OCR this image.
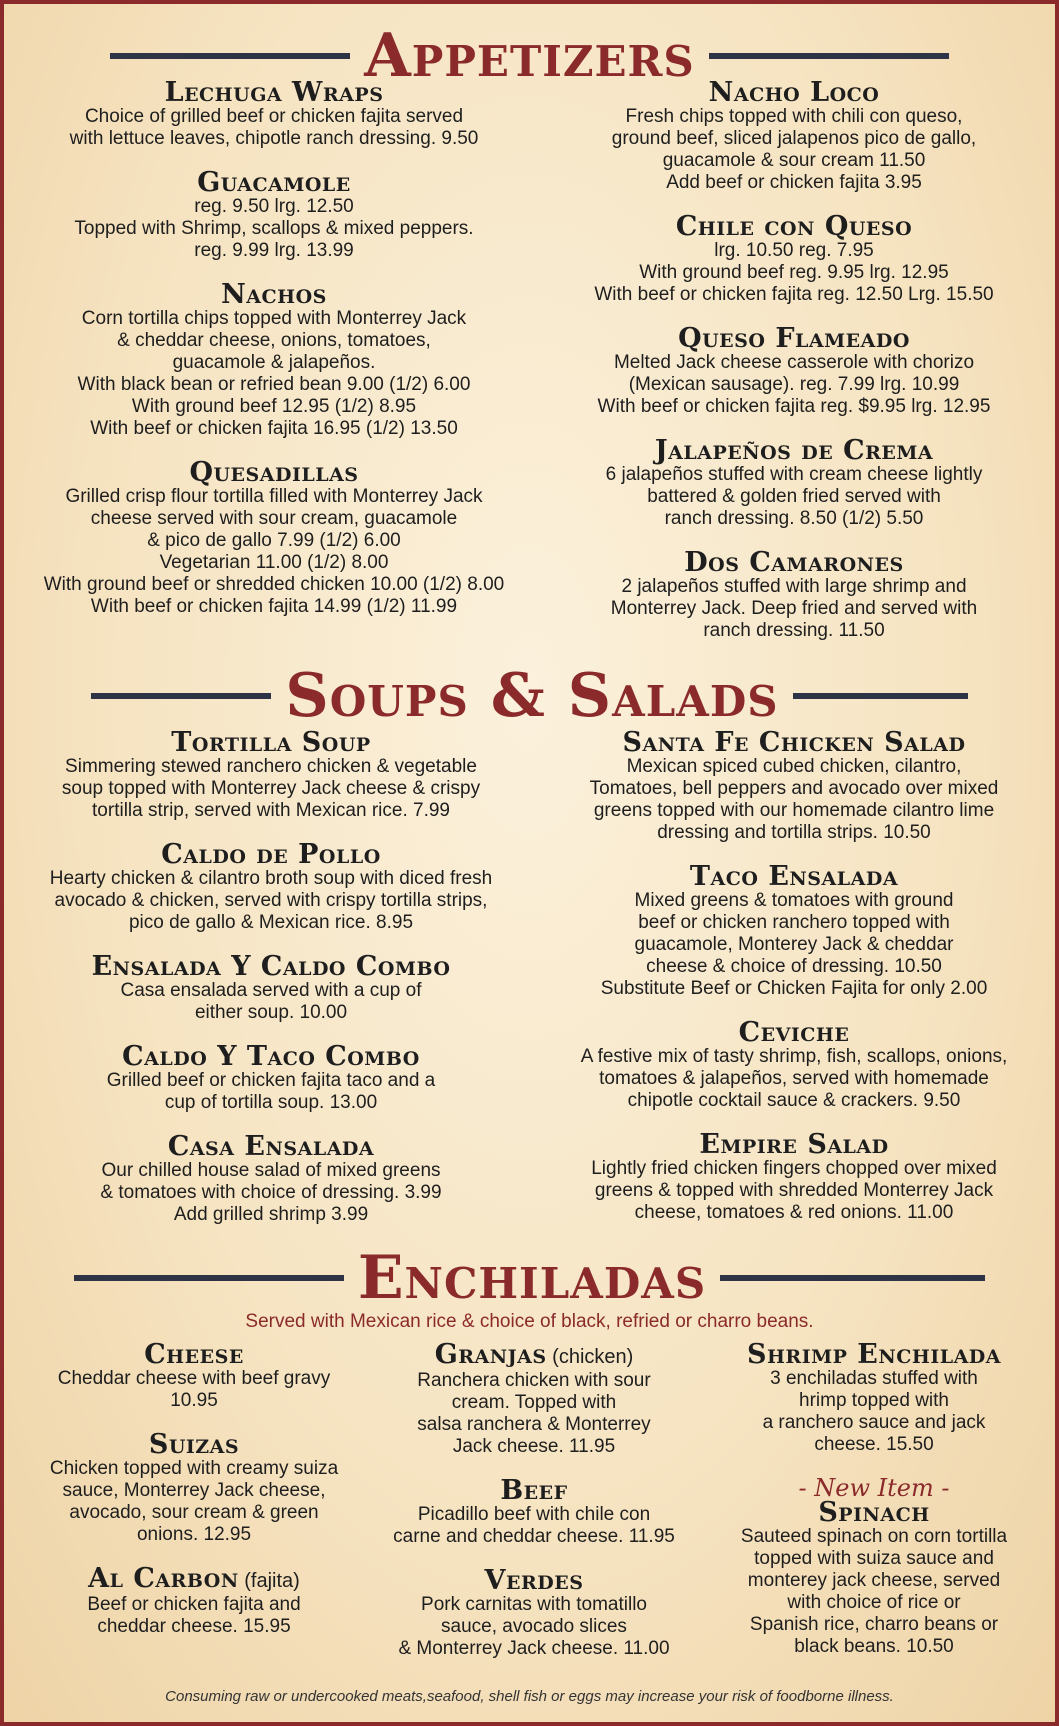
Appetizers
Lechuga Wraps

Choice of grilled beef or chicken fajita served

with lettuce leaves, chipotle ranch dressing. 9.50

Guacamole

reg. 9.50 lrg. 12.50

Topped with Shrimp, scallops & mixed peppers.

reg. 9.99 lrg. 13.99

Nachos

Corn tortilla chips topped with Monterrey Jack

& cheddar cheese, onions, tomatoes,

guacamole & jalapeños.

With black bean or refried bean 9.00 (1/2) 6.00

With ground beef 12.95 (1/2) 8.95

With beef or chicken fajita 16.95 (1/2) 13.50

Quesadillas

Grilled crisp flour tortilla filled with Monterrey Jack

cheese served with sour cream, guacamole

& pico de gallo 7.99 (1/2) 6.00

Vegetarian 11.00 (1/2) 8.00

With ground beef or shredded chicken 10.00 (1/2) 8.00

With beef or chicken fajita 14.99 (1/2) 11.99

Nacho Loco

Fresh chips topped with chili con queso,

ground beef, sliced jalapenos pico de gallo,

guacamole & sour cream 11.50

Add beef or chicken fajita 3.95

Chile con Queso

lrg. 10.50 reg. 7.95

With ground beef reg. 9.95 lrg. 12.95

With beef or chicken fajita reg. 12.50 Lrg. 15.50

Queso Flameado

Melted Jack cheese casserole with chorizo

(Mexican sausage). reg. 7.99 lrg. 10.99

With beef or chicken fajita reg. $9.95 lrg. 12.95

Jalapeños de Crema

6 jalapeños stuffed with cream cheese lightly

battered & golden fried served with

ranch dressing. 8.50 (1/2) 5.50

Dos Camarones

2 jalapeños stuffed with large shrimp and

Monterrey Jack. Deep fried and served with

ranch dressing. 11.50

Soups & Salads
Tortilla Soup

Simmering stewed ranchero chicken & vegetable

soup topped with Monterrey Jack cheese & crispy

tortilla strip, served with Mexican rice. 7.99

Caldo de Pollo

Hearty chicken & cilantro broth soup with diced fresh

avocado & chicken, served with crispy tortilla strips,

pico de gallo & Mexican rice. 8.95

Ensalada Y Caldo Combo

Casa ensalada served with a cup of

either soup. 10.00

Caldo Y Taco Combo

Grilled beef or chicken fajita taco and a

cup of tortilla soup. 13.00

Casa Ensalada

Our chilled house salad of mixed greens

& tomatoes with choice of dressing. 3.99

Add grilled shrimp 3.99

Santa Fe Chicken Salad

Mexican spiced cubed chicken, cilantro,

Tomatoes, bell peppers and avocado over mixed

greens topped with our homemade cilantro lime

dressing and tortilla strips. 10.50

Taco Ensalada

Mixed greens & tomatoes with ground

beef or chicken ranchero topped with

guacamole, Monterey Jack & cheddar

cheese & choice of dressing. 10.50

Substitute Beef or Chicken Fajita for only 2.00

Ceviche

A festive mix of tasty shrimp, fish, scallops, onions,

tomatoes & jalapeños, served with homemade

chipotle cocktail sauce & crackers. 9.50

Empire Salad

Lightly fried chicken fingers chopped over mixed

greens & topped with shredded Monterrey Jack

cheese, tomatoes & red onions. 11.00

Enchiladas
Served with Mexican rice & choice of black, refried or charro beans.
Cheese

Cheddar cheese with beef gravy

10.95

Suizas

Chicken topped with creamy suiza

sauce, Monterrey Jack cheese,

avocado, sour cream & green

onions. 12.95

Al Carbon (fajita)

Beef or chicken fajita and

cheddar cheese. 15.95

Granjas (chicken)

Ranchera chicken with sour

cream. Topped with

salsa ranchera & Monterrey

Jack cheese. 11.95

Beef

Picadillo beef with chile con

carne and cheddar cheese. 11.95

Verdes

Pork carnitas with tomatillo

sauce, avocado slices

& Monterrey Jack cheese. 11.00

Shrimp Enchilada

3 enchiladas stuffed with

hrimp topped with

a ranchero sauce and jack

cheese. 15.50

- New Item -
Spinach

Sauteed spinach on corn tortilla

topped with suiza sauce and

monterey jack cheese, served

with choice of rice or

Spanish rice, charro beans or

black beans. 10.50

Consuming raw or undercooked meats,seafood, shell fish or eggs may increase your risk of foodborne illness.
